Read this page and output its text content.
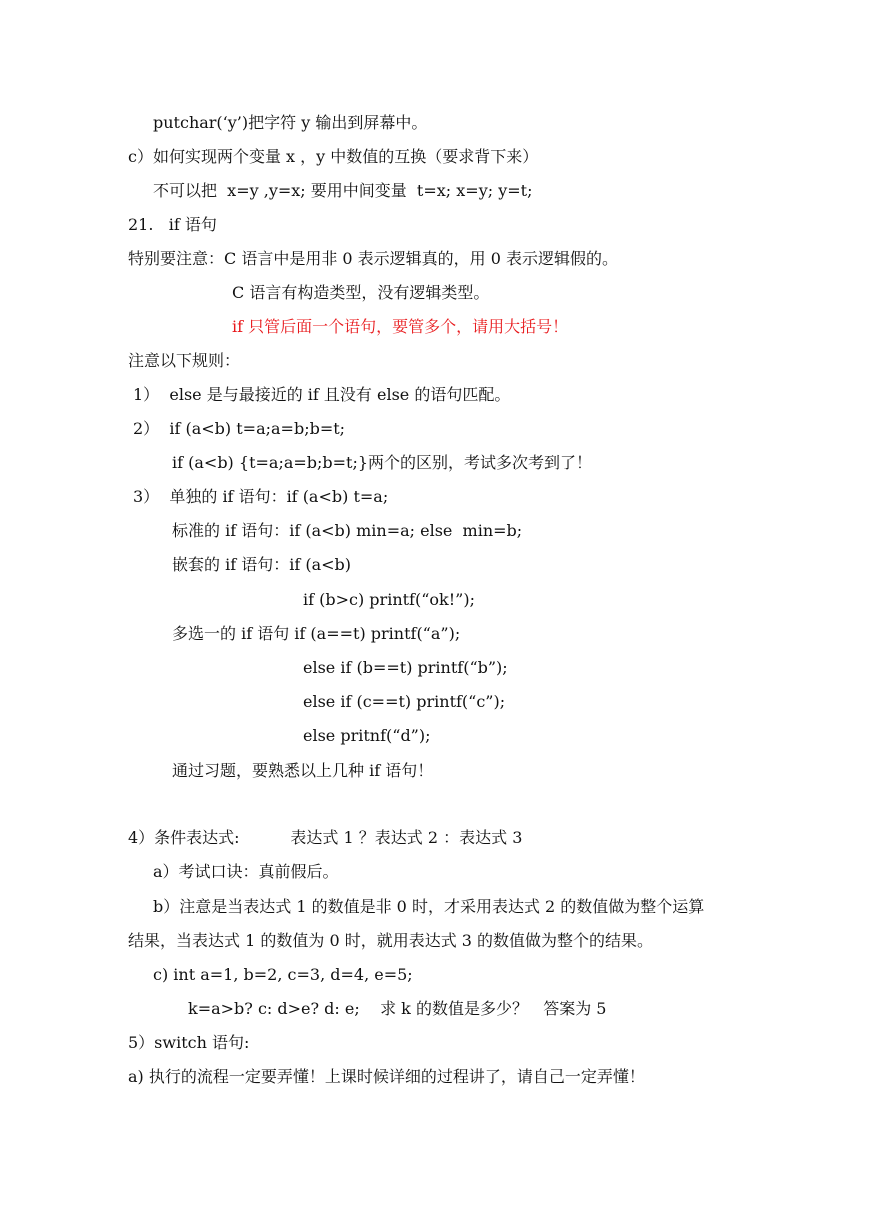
putchar(‘y’)把字符 y 输出到屏幕中。
c）如何实现两个变量 x ，y 中数值的互换（要求背下来）
不可以把  x=y ,y=x; 要用中间变量  t=x; x=y; y=t;
21.   if 语句
特别要注意：C 语言中是用非 0 表示逻辑真的，用 0 表示逻辑假的。
C 语言有构造类型，没有逻辑类型。
if 只管后面一个语句，要管多个，请用大括号！
注意以下规则：
1）  else 是与最接近的 if 且没有 else 的语句匹配。
2）  if (a<b) t=a;a=b;b=t;
if (a<b) {t=a;a=b;b=t;}两个的区别，考试多次考到了！
3）  单独的 if 语句：if (a<b) t=a;
标准的 if 语句：if (a<b) min=a; else  min=b;
嵌套的 if 语句：if (a<b)
if (b>c) printf(“ok!”);
多选一的 if 语句 if (a==t) printf(“a”);
else if (b==t) printf(“b”);
else if (c==t) printf(“c”);
else pritnf(“d”);
通过习题，要熟悉以上几种 if 语句！
4）条件表达式:          表达式 1 ？表达式 2 ：表达式 3
a）考试口诀：真前假后。
b）注意是当表达式 1 的数值是非 0 时，才采用表达式 2 的数值做为整个运算
结果，当表达式 1 的数值为 0 时，就用表达式 3 的数值做为整个的结果。
c) int a=1, b=2, c=3, d=4, e=5;
k=a>b? c: d>e? d: e;    求 k 的数值是多少？   答案为 5
5）switch 语句:
a) 执行的流程一定要弄懂！上课时候详细的过程讲了，请自己一定弄懂！
